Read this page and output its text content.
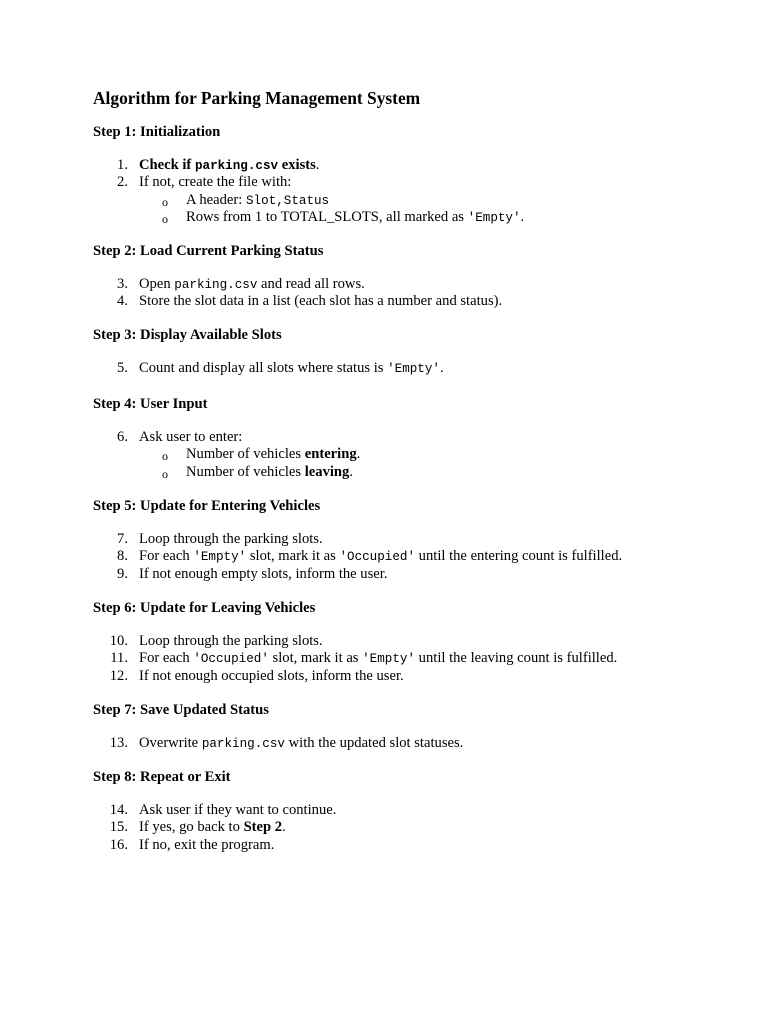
Algorithm for Parking Management System
Step 1: Initialization
1. Check if parking.csv exists.
2. If not, create the file with:
o A header: Slot,Status
o Rows from 1 to TOTAL_SLOTS, all marked as 'Empty'.
Step 2: Load Current Parking Status
3. Open parking.csv and read all rows.
4. Store the slot data in a list (each slot has a number and status).
Step 3: Display Available Slots
5. Count and display all slots where status is 'Empty'.
Step 4: User Input
6. Ask user to enter:
o Number of vehicles entering.
o Number of vehicles leaving.
Step 5: Update for Entering Vehicles
7. Loop through the parking slots.
8. For each 'Empty' slot, mark it as 'Occupied' until the entering count is fulfilled.
9. If not enough empty slots, inform the user.
Step 6: Update for Leaving Vehicles
10. Loop through the parking slots.
11. For each 'Occupied' slot, mark it as 'Empty' until the leaving count is fulfilled.
12. If not enough occupied slots, inform the user.
Step 7: Save Updated Status
13. Overwrite parking.csv with the updated slot statuses.
Step 8: Repeat or Exit
14. Ask user if they want to continue.
15. If yes, go back to Step 2.
16. If no, exit the program.
